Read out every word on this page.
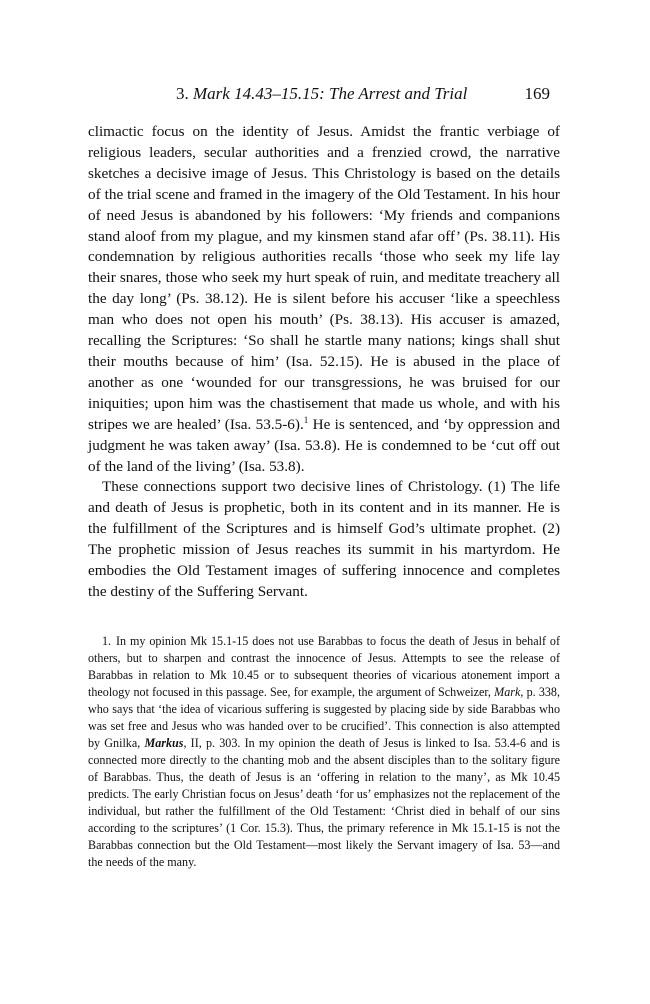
3. Mark 14.43–15.15: The Arrest and Trial	169

climactic focus on the identity of Jesus. Amidst the frantic verbiage of religious leaders, secular authorities and a frenzied crowd, the narrative sketches a decisive image of Jesus. This Christology is based on the details of the trial scene and framed in the imagery of the Old Testament. In his hour of need Jesus is abandoned by his followers: ‘My friends and companions stand aloof from my plague, and my kinsmen stand afar off’ (Ps. 38.11). His condemnation by religious authorities recalls ‘those who seek my life lay their snares, those who seek my hurt speak of ruin, and meditate treachery all the day long’ (Ps. 38.12). He is silent before his accuser ‘like a speechless man who does not open his mouth’ (Ps. 38.13). His accuser is amazed, recalling the Scriptures: ‘So shall he startle many nations; kings shall shut their mouths because of him’ (Isa. 52.15). He is abused in the place of another as one ‘wounded for our transgressions, he was bruised for our iniquities; upon him was the chastisement that made us whole, and with his stripes we are healed’ (Isa. 53.5-6).$^1$ He is sentenced, and ‘by oppression and judgment he was taken away’ (Isa. 53.8). He is condemned to be ‘cut off out of the land of the living’ (Isa. 53.8).

These connections support two decisive lines of Christology. (1) The life and death of Jesus is prophetic, both in its content and in its manner. He is the fulfillment of the Scriptures and is himself God’s ultimate prophet. (2) The prophetic mission of Jesus reaches its summit in his martyrdom. He embodies the Old Testament images of suffering innocence and completes the destiny of the Suffering Servant.

1. In my opinion Mk 15.1-15 does not use Barabbas to focus the death of Jesus in behalf of others, but to sharpen and contrast the innocence of Jesus. Attempts to see the release of Barabbas in relation to Mk 10.45 or to subsequent theories of vicarious atonement import a theology not focused in this passage. See, for example, the argument of Schweizer, Mark, p. 338, who says that ‘the idea of vicarious suffering is suggested by placing side by side Barabbas who was set free and Jesus who was handed over to be crucified’. This connection is also attempted by Gnilka, Markus, II, p. 303. In my opinion the death of Jesus is linked to Isa. 53.4-6 and is connected more directly to the chanting mob and the absent disciples than to the solitary figure of Barabbas. Thus, the death of Jesus is an ‘offering in relation to the many’, as Mk 10.45 predicts. The early Christian focus on Jesus’ death ‘for us’ emphasizes not the replacement of the individual, but rather the fulfillment of the Old Testament: ‘Christ died in behalf of our sins according to the scriptures’ (1 Cor. 15.3). Thus, the primary reference in Mk 15.1-15 is not the Barabbas connection but the Old Testament—most likely the Servant imagery of Isa. 53—and the needs of the many.
